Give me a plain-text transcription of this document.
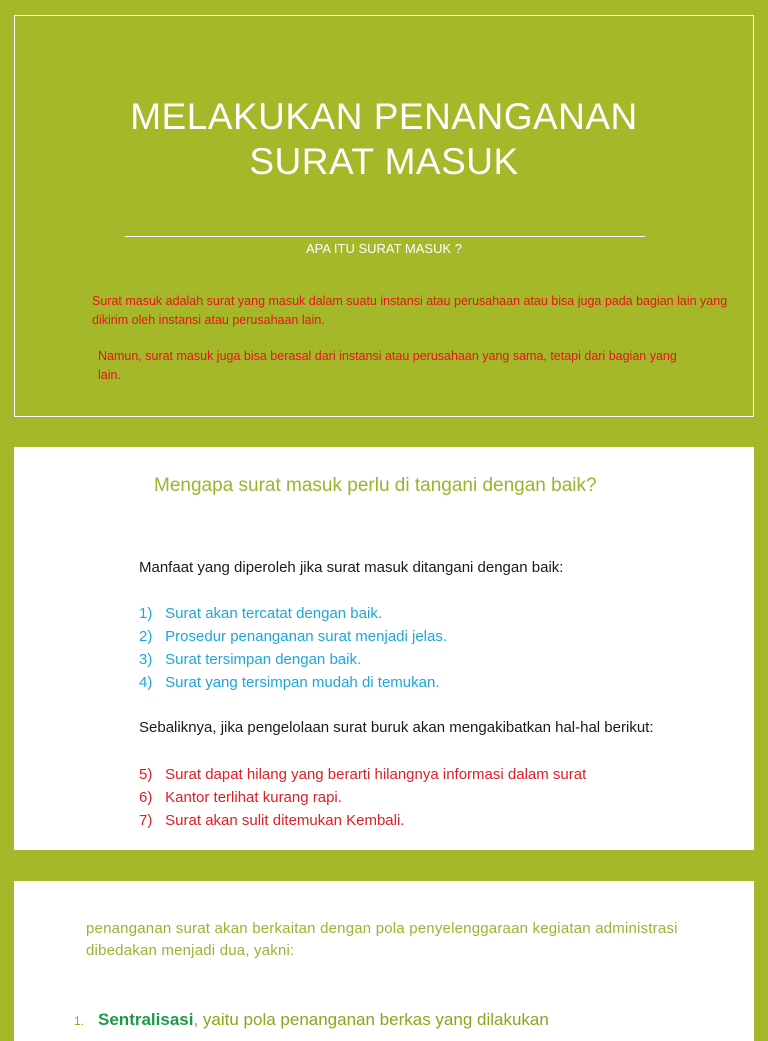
MELAKUKAN PENANGANAN
SURAT MASUK
APA ITU SURAT MASUK ?
Surat masuk adalah surat yang masuk dalam suatu instansi atau perusahaan atau bisa juga pada bagian lain yang dikirim oleh instansi atau perusahaan lain.
Namun, surat masuk juga bisa berasal dari instansi atau perusahaan yang sama, tetapi dari bagian yang lain.
Mengapa surat masuk perlu di tangani dengan baik?
Manfaat yang diperoleh jika surat masuk ditangani dengan baik:
1) Surat akan tercatat dengan baik.
2) Prosedur penanganan surat menjadi jelas.
3) Surat tersimpan dengan baik.
4) Surat yang tersimpan mudah di temukan.
Sebaliknya, jika pengelolaan surat buruk akan mengakibatkan hal-hal berikut:
5) Surat dapat hilang yang berarti hilangnya informasi dalam surat
6) Kantor terlihat kurang rapi.
7) Surat akan sulit ditemukan Kembali.
penanganan surat akan berkaitan dengan pola penyelenggaraan kegiatan administrasi dibedakan menjadi dua, yakni:
1. Sentralisasi, yaitu pola penanganan berkas yang dilakukan
